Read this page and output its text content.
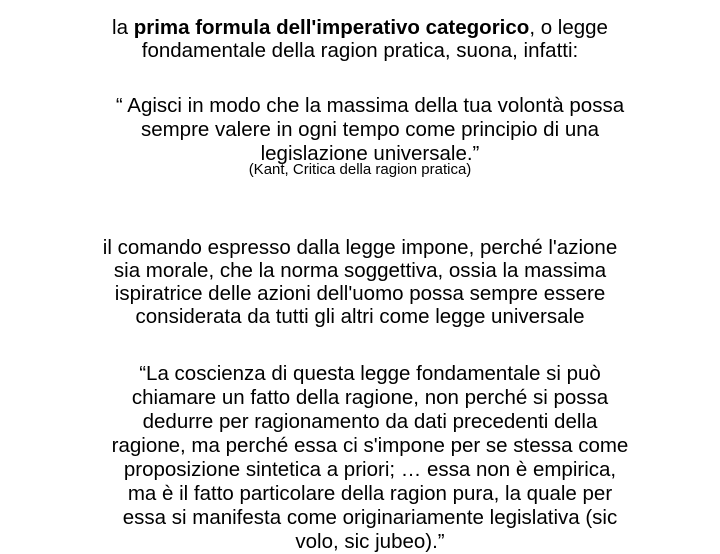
la prima formula dell'imperativo categorico, o legge
fondamentale della ragion pratica, suona, infatti:

“ Agisci in modo che la massima della tua volontà possa
sempre valere in ogni tempo come principio di una
legislazione universale.”

(Kant, Critica della ragion pratica)

il comando espresso dalla legge impone, perché l'azione
sia morale, che la norma soggettiva, ossia la massima
ispiratrice delle azioni dell'uomo possa sempre essere
considerata da tutti gli altri come legge universale

“La coscienza di questa legge fondamentale si può
chiamare un fatto della ragione, non perché si possa
dedurre per ragionamento da dati precedenti della
ragione, ma perché essa ci s'impone per se stessa come
proposizione sintetica a priori; … essa non è empirica,
ma è il fatto particolare della ragion pura, la quale per
essa si manifesta come originariamente legislativa (sic
volo, sic jubeo).”
